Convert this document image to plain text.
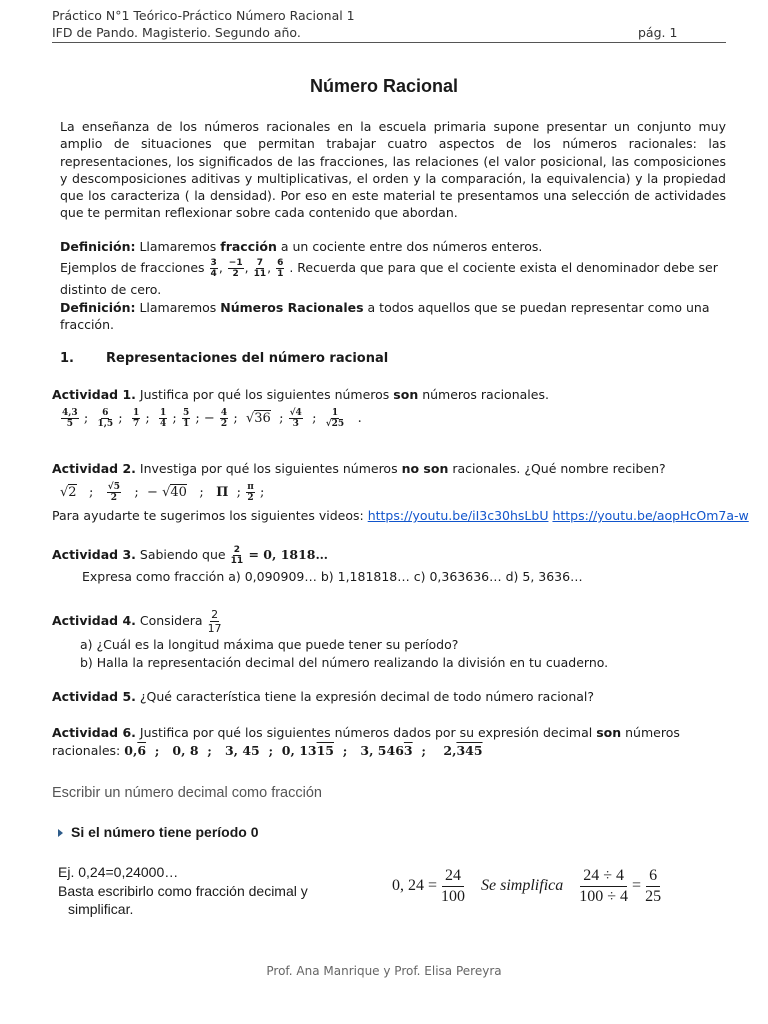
Práctico N°1 Teórico-Práctico Número Racional 1
IFD de Pando. Magisterio. Segundo año.	pág. 1
Número Racional
La enseñanza de los números racionales en la escuela primaria supone presentar un conjunto muy amplio de situaciones que permitan trabajar cuatro aspectos de los números racionales: las representaciones, los significados de las fracciones, las relaciones (el valor posicional, las composiciones y descomposiciones aditivas y multiplicativas, el orden y la comparación, la equivalencia) y la propiedad que los caracteriza ( la densidad). Por eso en este material te presentamos una selección de actividades que te permitan reflexionar sobre cada contenido que abordan.
Definición: Llamaremos fracción a un cociente entre dos números enteros.
Ejemplos de fracciones $\frac{3}{4}$ , $\frac{-1}{2}$ , $\frac{7}{11}$ , $\frac{6}{1}$ . Recuerda que para que el cociente exista el denominador debe ser
distinto de cero.
Definición: Llamaremos Números Racionales a todos aquellos que se puedan representar como una
fracción.
1. Representaciones del número racional
Actividad 1. Justifica por qué los siguientes números son números racionales.
$\frac{4,3}{5}$ ; $\frac{6}{1,5}$ ; $\frac{1}{7}$ ; $\frac{1}{4}$ ; $\frac{5}{1}$ ; − $\frac{4}{2}$ ; √36 ; $\frac{√4}{3}$ ; $\frac{1}{√25}$ .
Actividad 2. Investiga por qué los siguientes números no son racionales. ¿Qué nombre reciben?
√2 ; $\frac{√5}{2}$ ; − √40 ; Π ; $\frac{\pi}{2}$ ;
Para ayudarte te sugerimos los siguientes videos: https://youtu.be/iI3c30hsLbU https://youtu.be/aopHcOm7a-w
Actividad 3. Sabiendo que $\frac{2}{11} = 0$, 1818…
Expresa como fracción a) 0,090909… b) 1,181818… c) 0,363636… d) 5, 3636…
Actividad 4. Considera $\frac{2}{17}$
a) ¿Cuál es la longitud máxima que puede tener su período?
b) Halla la representación decimal del número realizando la división en tu cuaderno.
Actividad 5. ¿Qué característica tiene la expresión decimal de todo número racional?
Actividad 6. Justifica por qué los siguientes números dados por su expresión decimal son números
racionales: 0,6 ; 0, 8 ; 3, 45 ; 0, 1315 ; 3, 5463 ; 2,345
Escribir un número decimal como fracción
Si el número tiene período 0
Ej. 0,24=0,24000…
Basta escribirlo como fracción decimal y
simplificar.
0, $24 = \frac{24}{100}$ Se simplifica $\frac{24 \div 4}{100 \div 4} = \frac{6}{25}$
Prof. Ana Manrique y Prof. Elisa Pereyra
